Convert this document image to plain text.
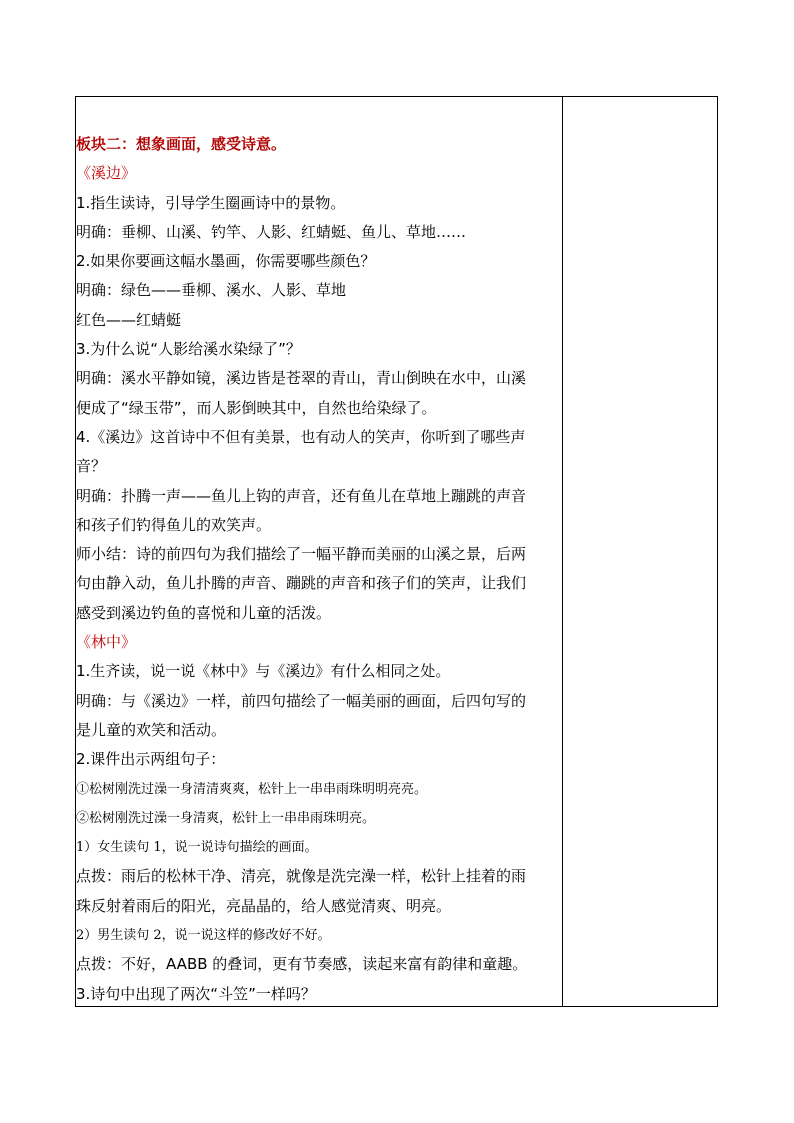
板块二：想象画面，感受诗意。
《溪边》
1.指生读诗，引导学生圈画诗中的景物。
明确：垂柳、山溪、钓竿、人影、红蜻蜓、鱼儿、草地……
2.如果你要画这幅水墨画，你需要哪些颜色？
明确：绿色——垂柳、溪水、人影、草地
红色——红蜻蜓
3.为什么说“人影给溪水染绿了”？
明确：溪水平静如镜，溪边皆是苍翠的青山，青山倒映在水中，山溪
便成了“绿玉带”，而人影倒映其中，自然也给染绿了。
4.《溪边》这首诗中不但有美景，也有动人的笑声，你听到了哪些声
音？
明确：扑腾一声——鱼儿上钩的声音，还有鱼儿在草地上蹦跳的声音
和孩子们钓得鱼儿的欢笑声。
师小结：诗的前四句为我们描绘了一幅平静而美丽的山溪之景，后两
句由静入动，鱼儿扑腾的声音、蹦跳的声音和孩子们的笑声，让我们
感受到溪边钓鱼的喜悦和儿童的活泼。
《林中》
1.生齐读，说一说《林中》与《溪边》有什么相同之处。
明确：与《溪边》一样，前四句描绘了一幅美丽的画面，后四句写的
是儿童的欢笑和活动。
2.课件出示两组句子：
①松树刚洗过澡一身清清爽爽，松针上一串串雨珠明明亮亮。
②松树刚洗过澡一身清爽，松针上一串串雨珠明亮。
1）女生读句 1，说一说诗句描绘的画面。
点拨：雨后的松林干净、清亮，就像是洗完澡一样，松针上挂着的雨
珠反射着雨后的阳光，亮晶晶的，给人感觉清爽、明亮。
2）男生读句 2，说一说这样的修改好不好。
点拨：不好，AABB 的叠词，更有节奏感，读起来富有韵律和童趣。
3.诗句中出现了两次“斗笠”一样吗？
